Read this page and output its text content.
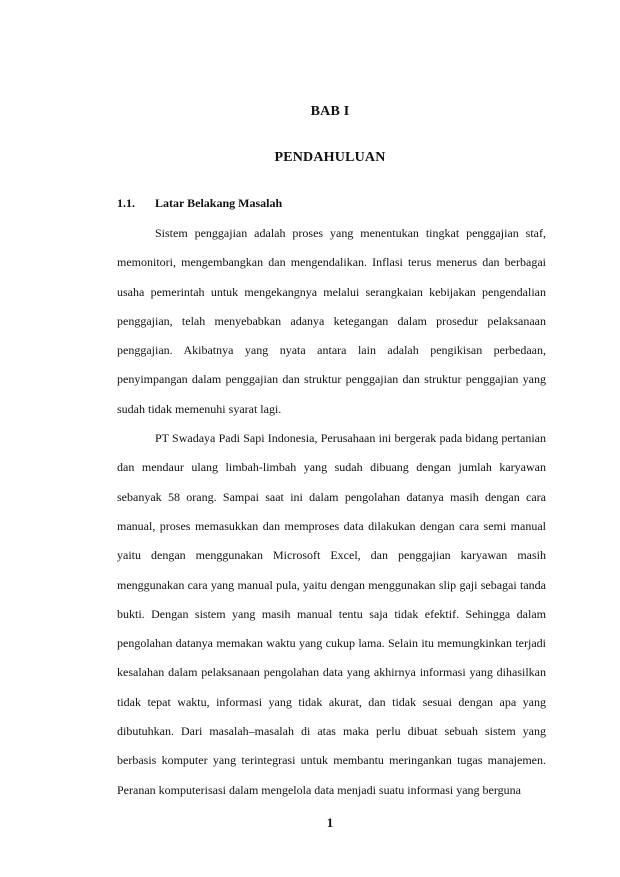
BAB I
PENDAHULUAN
1.1. Latar Belakang Masalah

Sistem penggajian adalah proses yang menentukan tingkat penggajian staf, memonitori, mengembangkan dan mengendalikan. Inflasi terus menerus dan berbagai usaha pemerintah untuk mengekangnya melalui serangkaian kebijakan pengendalian penggajian, telah menyebabkan adanya ketegangan dalam prosedur pelaksanaan penggajian. Akibatnya yang nyata antara lain adalah pengikisan perbedaan, penyimpangan dalam penggajian dan struktur penggajian dan struktur penggajian yang sudah tidak memenuhi syarat lagi.

PT Swadaya Padi Sapi Indonesia, Perusahaan ini bergerak pada bidang pertanian dan mendaur ulang limbah-limbah yang sudah dibuang dengan jumlah karyawan sebanyak 58 orang. Sampai saat ini dalam pengolahan datanya masih dengan cara manual, proses memasukkan dan memproses data dilakukan dengan cara semi manual yaitu dengan menggunakan Microsoft Excel, dan penggajian karyawan masih menggunakan cara yang manual pula, yaitu dengan menggunakan slip gaji sebagai tanda bukti. Dengan sistem yang masih manual tentu saja tidak efektif. Sehingga dalam pengolahan datanya memakan waktu yang cukup lama. Selain itu memungkinkan terjadi kesalahan dalam pelaksanaan pengolahan data yang akhirnya informasi yang dihasilkan tidak tepat waktu, informasi yang tidak akurat, dan tidak sesuai dengan apa yang dibutuhkan. Dari masalah–masalah di atas maka perlu dibuat sebuah sistem yang berbasis komputer yang terintegrasi untuk membantu meringankan tugas manajemen. Peranan komputerisasi dalam mengelola data menjadi suatu informasi yang berguna

1
